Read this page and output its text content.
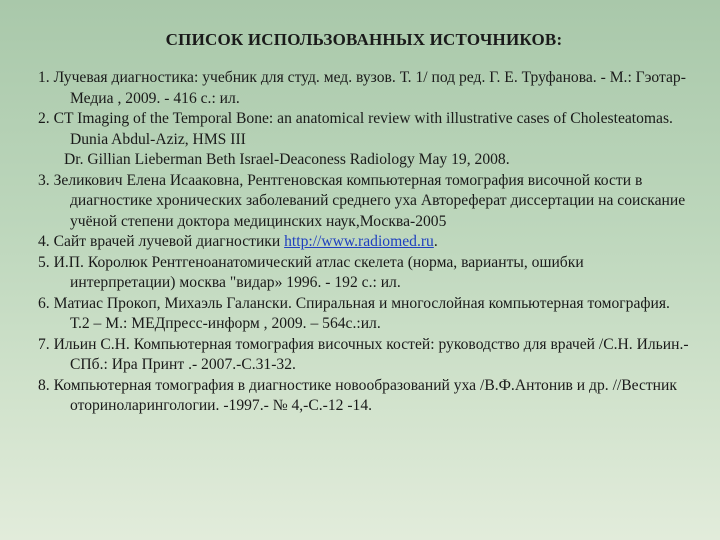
СПИСОК ИСПОЛЬЗОВАННЫХ ИСТОЧНИКОВ:

1. Лучевая диагностика: учебник для студ. мед. вузов. Т. 1/ под ред. Г. Е. Труфанова. - М.: Гэотар-Медиа , 2009. - 416 с.: ил.

2. CT Imaging of the Temporal Bone: an anatomical review with illustrative cases of Cholesteatomas. Dunia Abdul-Aziz, HMS III
Dr. Gillian Lieberman Beth Israel-Deaconess Radiology May 19, 2008.

3. Зеликович Елена Исааковна, Рентгеновская компьютерная томография височной кости в диагностике хронических заболеваний среднего уха Автореферат диссертации на соискание учёной степени доктора медицинских наук,Москва-2005

4. Сайт врачей лучевой диагностики http://www.radiomed.ru.

5. И.П. Королюк Рентгеноанатомический атлас скелета (норма, варианты, ошибки интерпретации) москва "видар» 1996. - 192 с.: ил.

6. Матиас Прокоп, Михаэль Галански. Спиральная и многослойная компьютерная томография. Т.2 – М.: МЕДпресс-информ , 2009. – 564с.:ил.

7. Ильин С.Н. Компьютерная томография височных костей: руководство для врачей /С.Н. Ильин.- СПб.: Ира Принт .- 2007.-С.31-32.

8. Компьютерная томография в диагностике новообразований уха /В.Ф.Антонив и др. //Вестник оториноларингологии. -1997.- № 4,-С.-12 -14.
